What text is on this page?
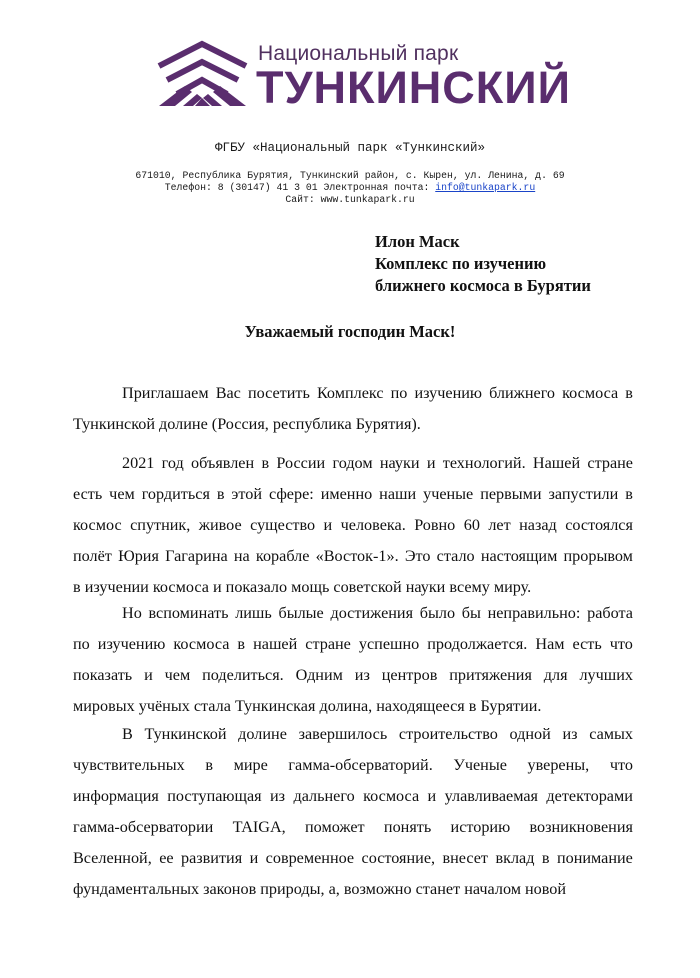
Национальный парк
ТУНКИНСКИЙ
ФГБУ «Национальный парк «Тункинский»
671010, Республика Бурятия, Тункинский район, с. Кырен, ул. Ленина, д. 69
Телефон: 8 (30147) 41 3 01 Электронная почта: info@tunkapark.ru
Сайт: www.tunkapark.ru
Илон Маск
Комплекс по изучению
ближнего космоса в Бурятии
Уважаемый господин Маск!
Приглашаем Вас посетить Комплекс по изучению ближнего космоса в
Тункинской долине (Россия, республика Бурятия).
2021 год объявлен в России годом науки и технологий. Нашей стране
есть чем гордиться в этой сфере: именно наши ученые первыми запустили в
космос спутник, живое существо и человека. Ровно 60 лет назад состоялся
полёт Юрия Гагарина на корабле «Восток-1». Это стало настоящим прорывом
в изучении космоса и показало мощь советской науки всему миру.
Но вспоминать лишь былые достижения было бы неправильно: работа
по изучению космоса в нашей стране успешно продолжается. Нам есть что
показать и чем поделиться. Одним из центров притяжения для лучших
мировых учёных стала Тункинская долина, находящееся в Бурятии.
В Тункинской долине завершилось строительство одной из самых
чувствительных в мире гамма-обсерваторий. Ученые уверены, что
информация поступающая из дальнего космоса и улавливаемая детекторами
гамма-обсерватории TAIGA, поможет понять историю возникновения
Вселенной, ее развития и современное состояние, внесет вклад в понимание
фундаментальных законов природы, а, возможно станет началом новой
